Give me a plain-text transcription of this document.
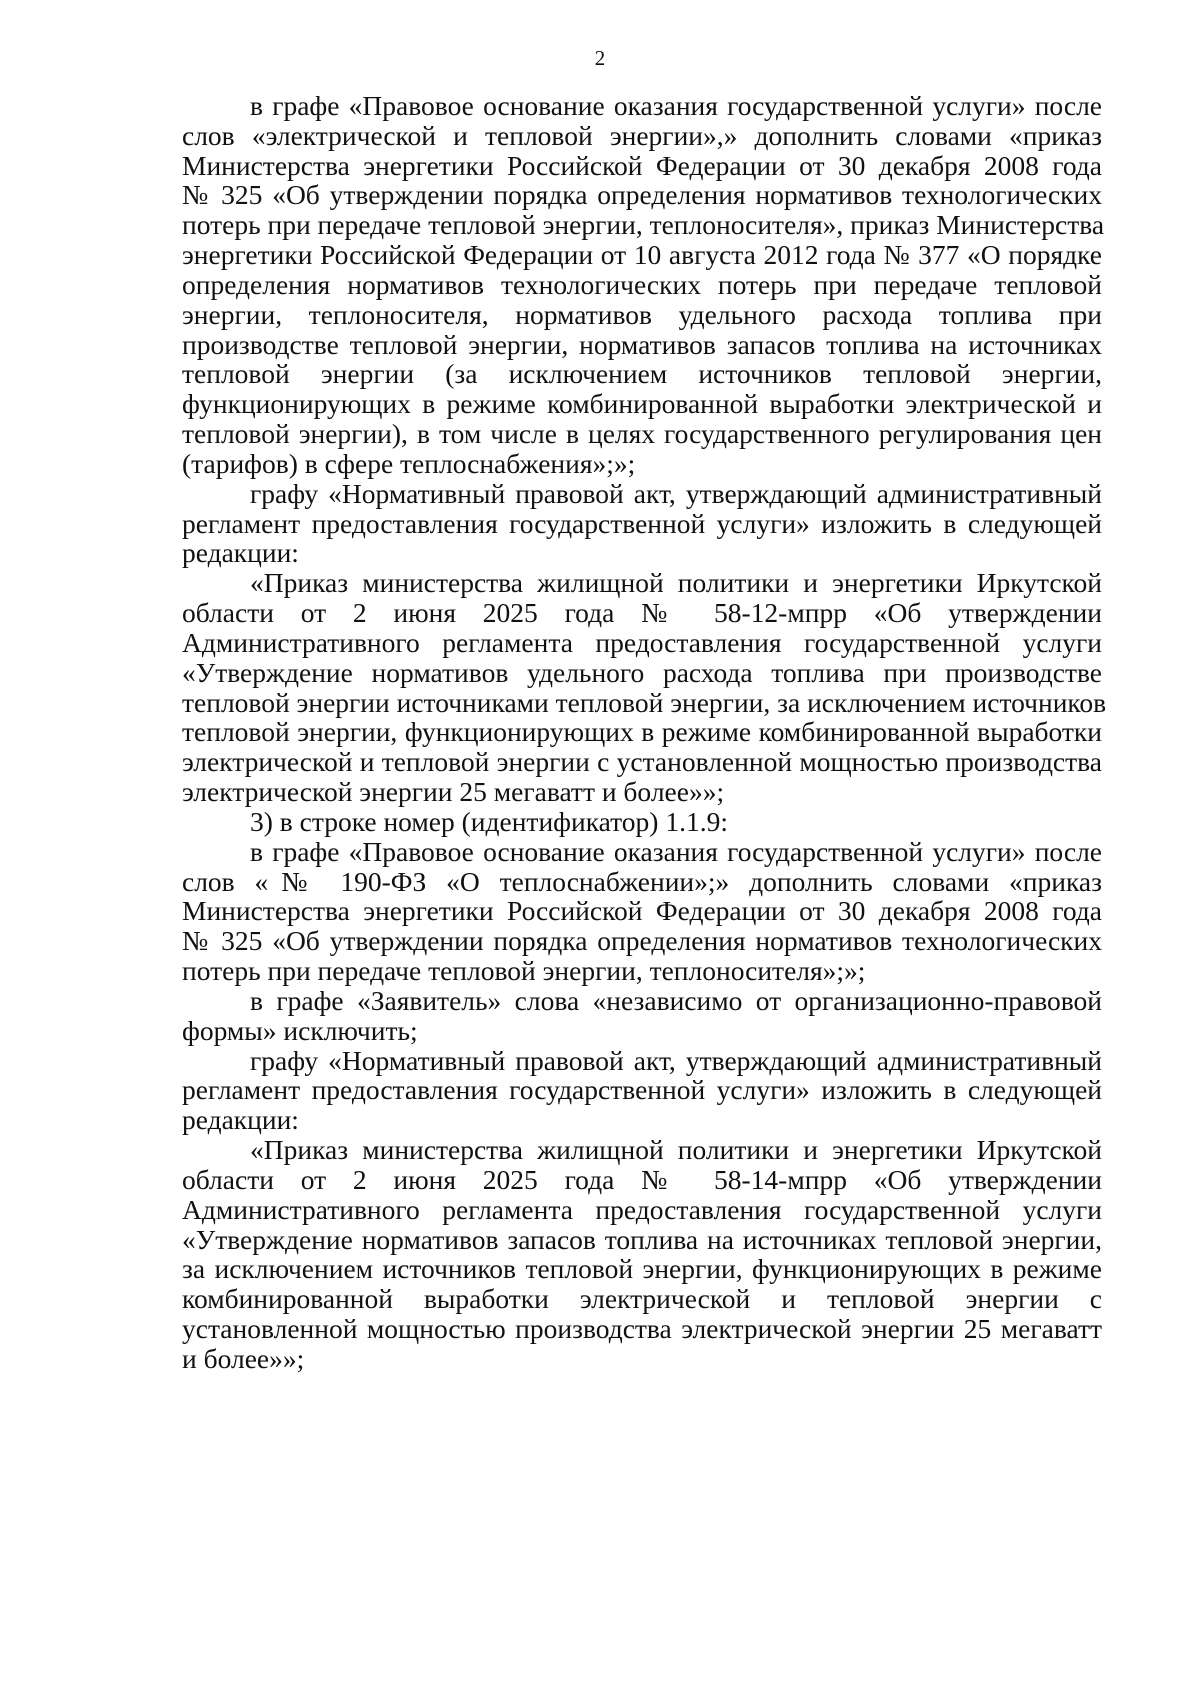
2
в графе «Правовое основание оказания государственной услуги» после
слов «электрической и тепловой энергии»,» дополнить словами «приказ
Министерства энергетики Российской Федерации от 30 декабря 2008 года
№ 325 «Об утверждении порядка определения нормативов технологических
потерь при передаче тепловой энергии, теплоносителя», приказ Министерства
энергетики Российской Федерации от 10 августа 2012 года № 377 «О порядке
определения нормативов технологических потерь при передаче тепловой
энергии, теплоносителя, нормативов удельного расхода топлива при
производстве тепловой энергии, нормативов запасов топлива на источниках
тепловой энергии (за исключением источников тепловой энергии,
функционирующих в режиме комбинированной выработки электрической и
тепловой энергии), в том числе в целях государственного регулирования цен
(тарифов) в сфере теплоснабжения»;»;
графу «Нормативный правовой акт, утверждающий административный
регламент предоставления государственной услуги» изложить в следующей
редакции:
«Приказ министерства жилищной политики и энергетики Иркутской
области от 2 июня 2025 года № 58-12-мпрр «Об утверждении
Административного регламента предоставления государственной услуги
«Утверждение нормативов удельного расхода топлива при производстве
тепловой энергии источниками тепловой энергии, за исключением источников
тепловой энергии, функционирующих в режиме комбинированной выработки
электрической и тепловой энергии с установленной мощностью производства
электрической энергии 25 мегаватт и более»»;
3) в строке номер (идентификатор) 1.1.9:
в графе «Правовое основание оказания государственной услуги» после
слов «№ 190-ФЗ «О теплоснабжении»;» дополнить словами «приказ
Министерства энергетики Российской Федерации от 30 декабря 2008 года
№ 325 «Об утверждении порядка определения нормативов технологических
потерь при передаче тепловой энергии, теплоносителя»;»;
в графе «Заявитель» слова «независимо от организационно-правовой
формы» исключить;
графу «Нормативный правовой акт, утверждающий административный
регламент предоставления государственной услуги» изложить в следующей
редакции:
«Приказ министерства жилищной политики и энергетики Иркутской
области от 2 июня 2025 года № 58-14-мпрр «Об утверждении
Административного регламента предоставления государственной услуги
«Утверждение нормативов запасов топлива на источниках тепловой энергии,
за исключением источников тепловой энергии, функционирующих в режиме
комбинированной выработки электрической и тепловой энергии с
установленной мощностью производства электрической энергии 25 мегаватт
и более»»;
